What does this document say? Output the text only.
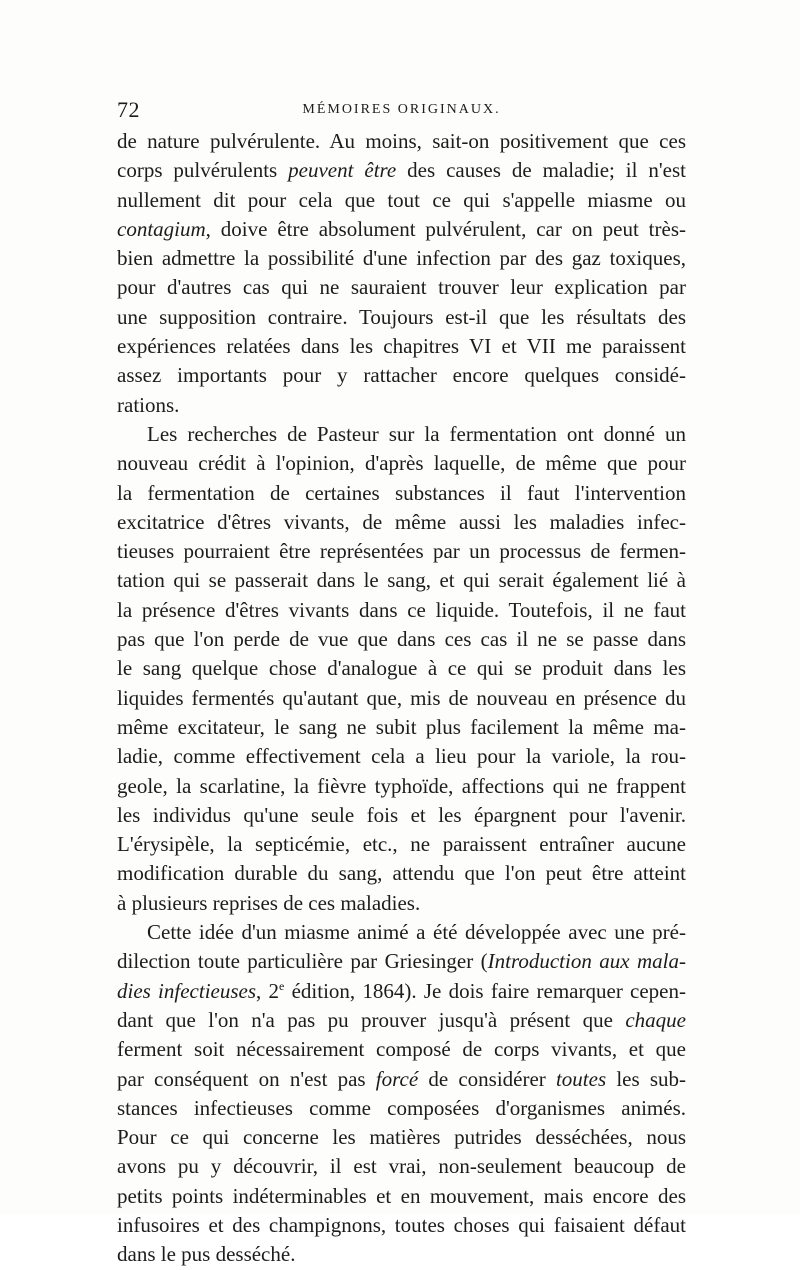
72	MÉMOIRES ORIGINAUX.
de nature pulvérulente. Au moins, sait-on positivement que ces
corps pulvérulents peuvent être des causes de maladie; il n'est
nullement dit pour cela que tout ce qui s'appelle miasme ou
contagium, doive être absolument pulvérulent, car on peut très-
bien admettre la possibilité d'une infection par des gaz toxiques,
pour d'autres cas qui ne sauraient trouver leur explication par
une supposition contraire. Toujours est-il que les résultats des
expériences relatées dans les chapitres VI et VII me paraissent
assez importants pour y rattacher encore quelques considé-
rations.
Les recherches de Pasteur sur la fermentation ont donné un
nouveau crédit à l'opinion, d'après laquelle, de même que pour
la fermentation de certaines substances il faut l'intervention
excitatrice d'êtres vivants, de même aussi les maladies infec-
tieuses pourraient être représentées par un processus de fermen-
tation qui se passerait dans le sang, et qui serait également lié à
la présence d'êtres vivants dans ce liquide. Toutefois, il ne faut
pas que l'on perde de vue que dans ces cas il ne se passe dans
le sang quelque chose d'analogue à ce qui se produit dans les
liquides fermentés qu'autant que, mis de nouveau en présence du
même excitateur, le sang ne subit plus facilement la même ma-
ladie, comme effectivement cela a lieu pour la variole, la rou-
geole, la scarlatine, la fièvre typhoïde, affections qui ne frappent
les individus qu'une seule fois et les épargnent pour l'avenir.
L'érysipèle, la septicémie, etc., ne paraissent entraîner aucune
modification durable du sang, attendu que l'on peut être atteint
à plusieurs reprises de ces maladies.
Cette idée d'un miasme animé a été développée avec une pré-
dilection toute particulière par Griesinger (Introduction aux mala-
dies infectieuses, 2e édition, 1864). Je dois faire remarquer cepen-
dant que l'on n'a pas pu prouver jusqu'à présent que chaque
ferment soit nécessairement composé de corps vivants, et que
par conséquent on n'est pas forcé de considérer toutes les sub-
stances infectieuses comme composées d'organismes animés.
Pour ce qui concerne les matières putrides desséchées, nous
avons pu y découvrir, il est vrai, non-seulement beaucoup de
petits points indéterminables et en mouvement, mais encore des
infusoires et des champignons, toutes choses qui faisaient défaut
dans le pus desséché.
